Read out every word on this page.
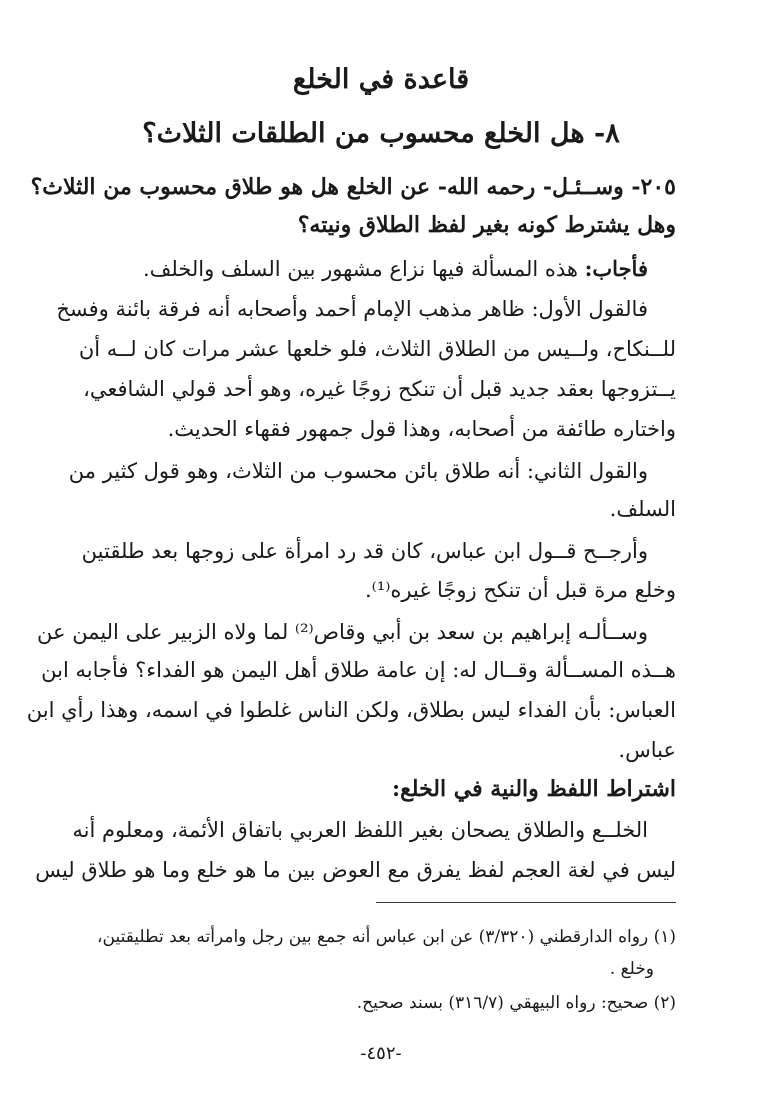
قاعدة في الخلع
٨- هل الخلع محسوب من الطلقات الثلاث؟
٢٠٥- وســئـل- رحمه الله- عن الخلع هل هو طلاق محسوب من الثلاث؟
وهل يشترط كونه بغير لفظ الطلاق ونيته؟
فأجاب: هذه المسألة فيها نزاع مشهور بين السلف والخلف.
فالقول الأول: ظاهر مذهب الإمام أحمد وأصحابه أنه فرقة بائنة وفسخ
للــنكاح، ولــيس من الطلاق الثلاث، فلو خلعها عشر مرات كان لــه أن
يــتزوجها بعقد جديد قبل أن تنكح زوجًا غيره، وهو أحد قولي الشافعي،
واختاره طائفة من أصحابه، وهذا قول جمهور فقهاء الحديث.
والقول الثاني: أنه طلاق بائن محسوب من الثلاث، وهو قول كثير من
السلف.
وأرجــح قــول ابن عباس، كان قد رد امرأة على زوجها بعد طلقتين
وخلع مرة قبل أن تنكح زوجًا غيره⁽¹⁾.
وســألـه إبراهيم بن سعد بن أبي وقاص⁽²⁾ لما ولاه الزبير على اليمن عن
هــذه المســألة وقــال له: إن عامة طلاق أهل اليمن هو الفداء؟ فأجابه ابن
العباس: بأن الفداء ليس بطلاق، ولكن الناس غلطوا في اسمه، وهذا رأي ابن
عباس.
اشتراط اللفظ والنية في الخلع:
الخلــع والطلاق يصحان بغير اللفظ العربي باتفاق الأئمة، ومعلوم أنه
ليس في لغة العجم لفظ يفرق مع العوض بين ما هو خلع وما هو طلاق ليس
(١) رواه الدارقطني (٣/٣٢٠) عن ابن عباس أنه جمع بين رجل وامرأته بعد تطليقتين،
وخلع .
(٢) صحيح: رواه البيهقي (٣١٦/٧) بسند صحيح.
-٤٥٢-
